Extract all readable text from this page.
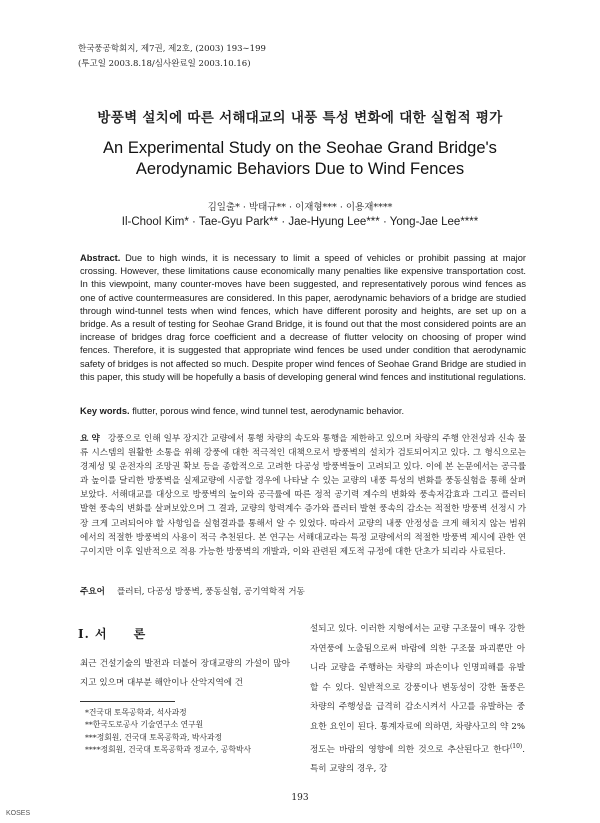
한국풍공학회지, 제7권, 제2호, (2003) 193∼199
(투고일 2003.8.18/심사완료일 2003.10.16)
방풍벽 설치에 따른 서해대교의 내풍 특성 변화에 대한 실험적 평가
An Experimental Study on the Seohae Grand Bridge's
Aerodynamic Behaviors Due to Wind Fences
김일출* · 박태규** · 이재형*** · 이용재****
Il-Chool Kim* · Tae-Gyu Park** · Jae-Hyung Lee*** · Yong-Jae Lee****
Abstract. Due to high winds, it is necessary to limit a speed of vehicles or prohibit passing at major crossing. However, these limitations cause economically many penalties like expensive transportation cost. In this viewpoint, many counter-moves have been suggested, and representatively porous wind fences as one of active countermeasures are considered. In this paper, aerodynamic behaviors of a bridge are studied through wind-tunnel tests when wind fences, which have different porosity and heights, are set up on a bridge. As a result of testing for Seohae Grand Bridge, it is found out that the most considered points are an increase of bridges drag force coefficient and a decrease of flutter velocity on choosing of proper wind fences. Therefore, it is suggested that appropriate wind fences be used under condition that aerodynamic safety of bridges is not affected so much. Despite proper wind fences of Seohae Grand Bridge are studied in this paper, this study will be hopefully a basis of developing general wind fences and institutional regulations.
Key words. flutter, porous wind fence, wind tunnel test, aerodynamic behavior.
요 약 강풍으로 인해 일부 장지간 교량에서 통행 차량의 속도와 통행을 제한하고 있으며 차량의 주행 안전성과 신속 물류 시스템의 원활한 소통을 위해 강풍에 대한 적극적인 대책으로서 방풍벽의 설치가 검토되어지고 있다. 그 형식으로는 경제성 및 운전자의 조망권 확보 등을 종합적으로 고려한 다공성 방풍벽들이 고려되고 있다. 이에 본 논문에서는 공극률과 높이를 달리한 방풍벽을 실제교량에 시공할 경우에 나타날 수 있는 교량의 내풍 특성의 변화를 풍동실험을 통해 살펴보았다. 서해대교를 대상으로 방풍벽의 높이와 공극률에 따른 정적 공기력 계수의 변화와 풍속저감효과 그리고 플러터 발현 풍속의 변화를 살펴보았으며 그 결과, 교량의 항력계수 증가와 플러터 발현 풍속의 감소는 적절한 방풍벽 선정시 가장 크게 고려되어야 할 사항임을 실험결과를 통해서 알 수 있었다. 따라서 교량의 내풍 안정성을 크게 해치지 않는 범위에서의 적절한 방풍벽의 사용이 적극 추천된다. 본 연구는 서해대교라는 특정 교량에서의 적절한 방풍벽 제시에 관한 연구이지만 이후 일반적으로 적용 가능한 방풍벽의 개발과, 이와 관련된 제도적 규정에 대한 단초가 되리라 사료된다.
주요어 플러터, 다공성 방풍벽, 풍동실험, 공기역학적 거동
I. 서 론
최근 건설기술의 발전과 더불어 장대교량의 가설이 많아지고 있으며 대부분 해안이나 산악지역에 건
*건국대 토목공학과, 석사과정
**한국도로공사 기술연구소 연구원
***정회원, 건국대 토목공학과, 박사과정
****정회원, 건국대 토목공학과 정교수, 공학박사
설되고 있다. 이러한 지형에서는 교량 구조물이 매우 강한 자연풍에 노출됨으로써 바람에 의한 구조물 파괴뿐만 아니라 교량을 주행하는 차량의 파손이나 인명피해를 유발할 수 있다. 일반적으로 강풍이나 변동성이 강한 돌풍은 차량의 주행성을 급격히 감소시켜서 사고를 유발하는 중요한 요인이 된다. 통계자료에 의하면, 차량사고의 약 2%정도는 바람의 영향에 의한 것으로 추산된다고 한다$^{(10)}$. 특히 교량의 경우, 강
193
KOSES
